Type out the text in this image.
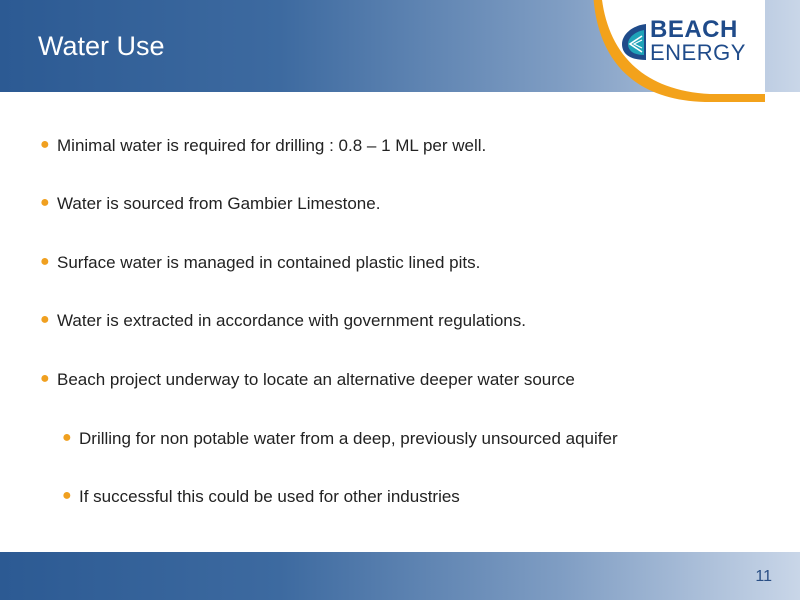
Water Use
BEACH
ENERGY
● Minimal water is required for drilling : 0.8 – 1 ML per well.
● Water is sourced from Gambier Limestone.
● Surface water is managed in contained plastic lined pits.
● Water is extracted in accordance with government regulations.
● Beach project underway to locate an alternative deeper water source
● Drilling for non potable water from a deep, previously unsourced aquifer
● If successful this could be used for other industries
11
